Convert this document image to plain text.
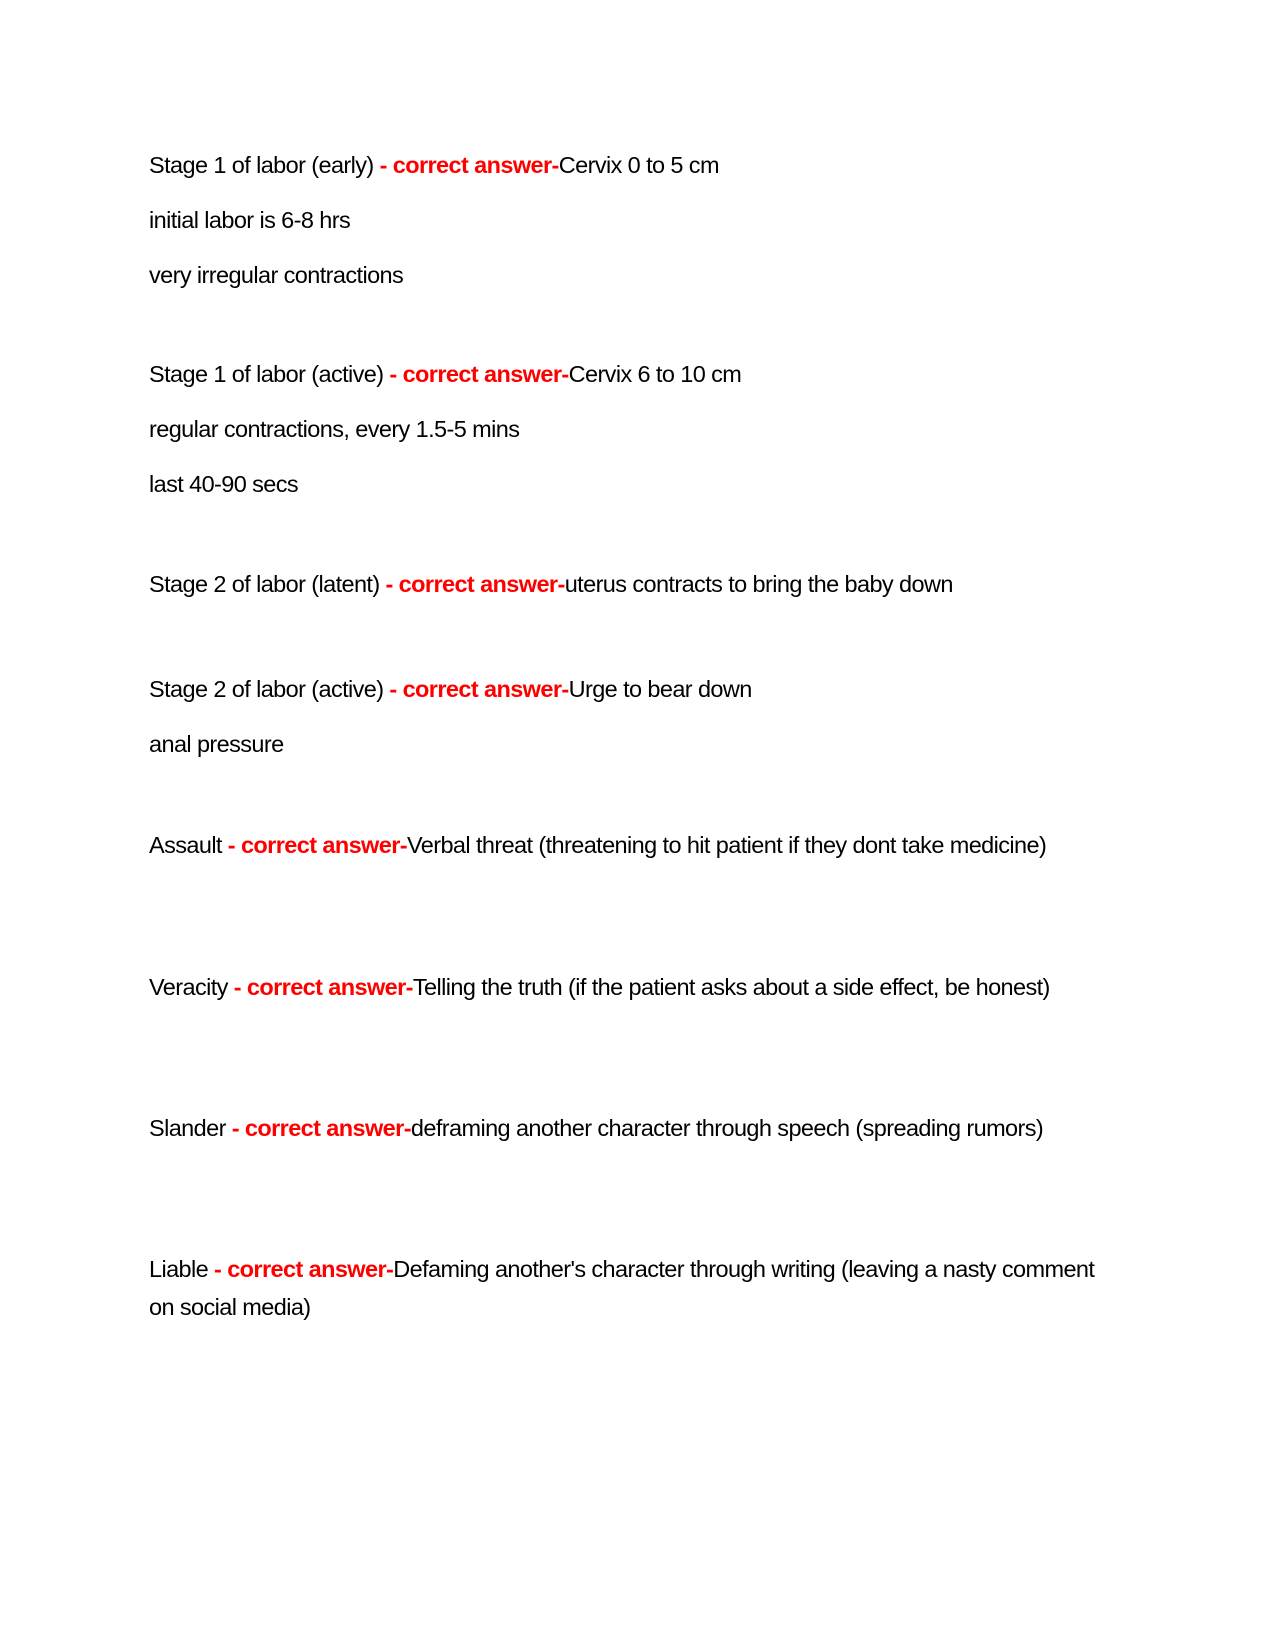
Stage 1 of labor (early) - correct answer-Cervix 0 to 5 cm
initial labor is 6-8 hrs
very irregular contractions
Stage 1 of labor (active) - correct answer-Cervix 6 to 10 cm
regular contractions, every 1.5-5 mins
last 40-90 secs
Stage 2 of labor (latent) - correct answer-uterus contracts to bring the baby down
Stage 2 of labor (active) - correct answer-Urge to bear down
anal pressure

Assault - correct answer-Verbal threat (threatening to hit patient if they dont take medicine)

Veracity - correct answer-Telling the truth (if the patient asks about a side effect, be honest)

Slander - correct answer-deframing another character through speech (spreading rumors)

Liable - correct answer-Defaming another's character through writing (leaving a nasty comment on social media)
